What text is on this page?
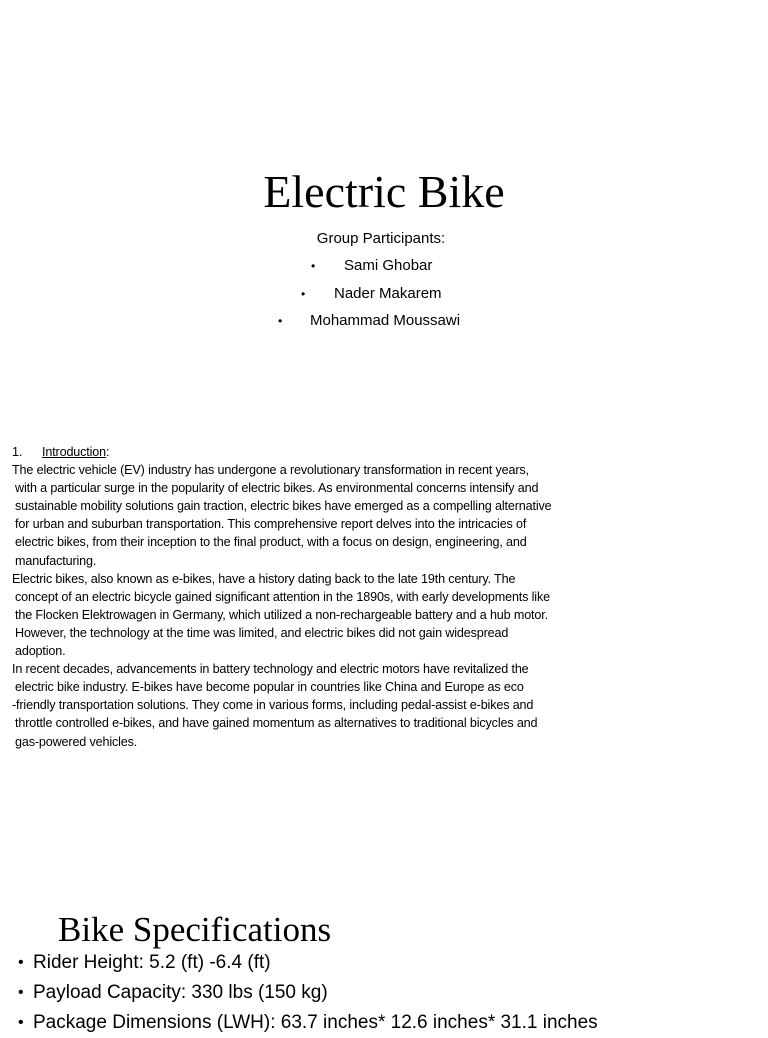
Electric Bike
Group Participants:
• Sami Ghobar
• Nader Makarem
• Mohammad Moussawi
1. Introduction:
The electric vehicle (EV) industry has undergone a revolutionary transformation in recent years,
with a particular surge in the popularity of electric bikes. As environmental concerns intensify and
sustainable mobility solutions gain traction, electric bikes have emerged as a compelling alternative
for urban and suburban transportation. This comprehensive report delves into the intricacies of
electric bikes, from their inception to the final product, with a focus on design, engineering, and
manufacturing.
Electric bikes, also known as e-bikes, have a history dating back to the late 19th century. The
concept of an electric bicycle gained significant attention in the 1890s, with early developments like
the Flocken Elektrowagen in Germany, which utilized a non-rechargeable battery and a hub motor.
However, the technology at the time was limited, and electric bikes did not gain widespread
adoption.
In recent decades, advancements in battery technology and electric motors have revitalized the
electric bike industry. E-bikes have become popular in countries like China and Europe as eco
-friendly transportation solutions. They come in various forms, including pedal-assist e-bikes and
throttle controlled e-bikes, and have gained momentum as alternatives to traditional bicycles and
gas-powered vehicles.
Bike Specifications
• Rider Height: 5.2 (ft) -6.4 (ft)
• Payload Capacity: 330 lbs (150 kg)
• Package Dimensions (LWH): 63.7 inches* 12.6 inches* 31.1 inches
